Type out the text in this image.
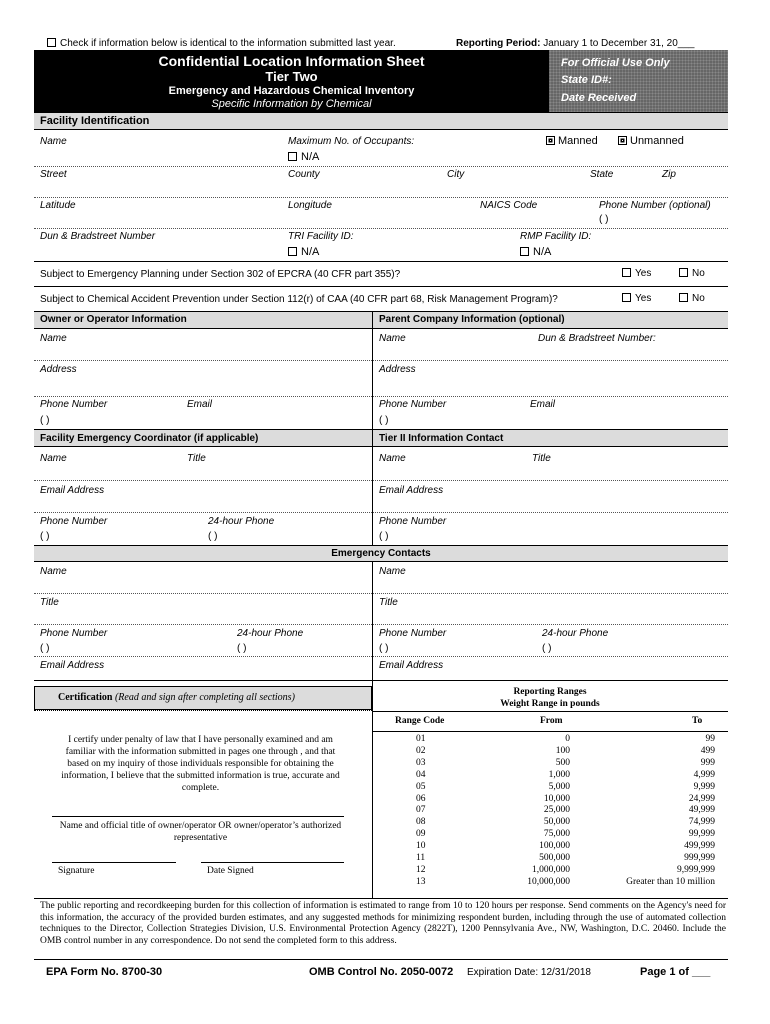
Check if information below is identical to the information submitted last year.	Reporting Period: January 1 to December 31, 20___
Confidential Location Information Sheet
Tier Two
Emergency and Hazardous Chemical Inventory
Specific Information by Chemical
For Official Use Only
State ID#:
Date Received
Facility Identification
Name	Maximum No. of Occupants:
N/A
Manned	Unmanned
Street	County	City	State	Zip
Latitude	Longitude	NAICS Code	Phone Number (optional)
( )
Dun & Bradstreet Number	TRI Facility ID:
N/A
RMP Facility ID:
N/A
Subject to Emergency Planning under Section 302 of EPCRA (40 CFR part 355)?	Yes	No
Subject to Chemical Accident Prevention under Section 112(r) of CAA (40 CFR part 68, Risk Management Program)?	Yes	No
Owner or Operator Information	Parent Company Information (optional)
Name	Name	Dun & Bradstreet Number:
Address	Address
Phone Number	Email	Phone Number	Email
( )	( )
Facility Emergency Coordinator (if applicable)	Tier II Information Contact
Name	Title	Name	Title
Email Address	Email Address
Phone Number	24-hour Phone	Phone Number
( )	( )	( )
Emergency Contacts
Name	Name
Title	Title
Phone Number	24-hour Phone	Phone Number	24-hour Phone
( )	( )	( )	( )
Email Address	Email Address
Certification (Read and sign after completing all sections)
I certify under penalty of law that I have personally examined and am familiar with the information submitted in pages one through , and that based on my inquiry of those individuals responsible for obtaining the information, I believe that the submitted information is true, accurate and complete.
Name and official title of owner/operator OR owner/operator’s authorized representative
Signature	Date Signed
Reporting Ranges
Weight Range in pounds
Range Code	From	To
01	0	99
02	100	499
03	500	999
04	1,000	4,999
05	5,000	9,999
06	10,000	24,999
07	25,000	49,999
08	50,000	74,999
09	75,000	99,999
10	100,000	499,999
11	500,000	999,999
12	1,000,000	9,999,999
13	10,000,000	Greater than 10 million
The public reporting and recordkeeping burden for this collection of information is estimated to range from 10 to 120 hours per response. Send comments on the Agency's need for this information, the accuracy of the provided burden estimates, and any suggested methods for minimizing respondent burden, including through the use of automated collection techniques to the Director, Collection Strategies Division, U.S. Environmental Protection Agency (2822T), 1200 Pennsylvania Ave., NW, Washington, D.C. 20460. Include the OMB control number in any correspondence. Do not send the completed form to this address.
EPA Form No. 8700-30	OMB Control No. 2050-0072 Expiration Date: 12/31/2018	Page 1 of ___
